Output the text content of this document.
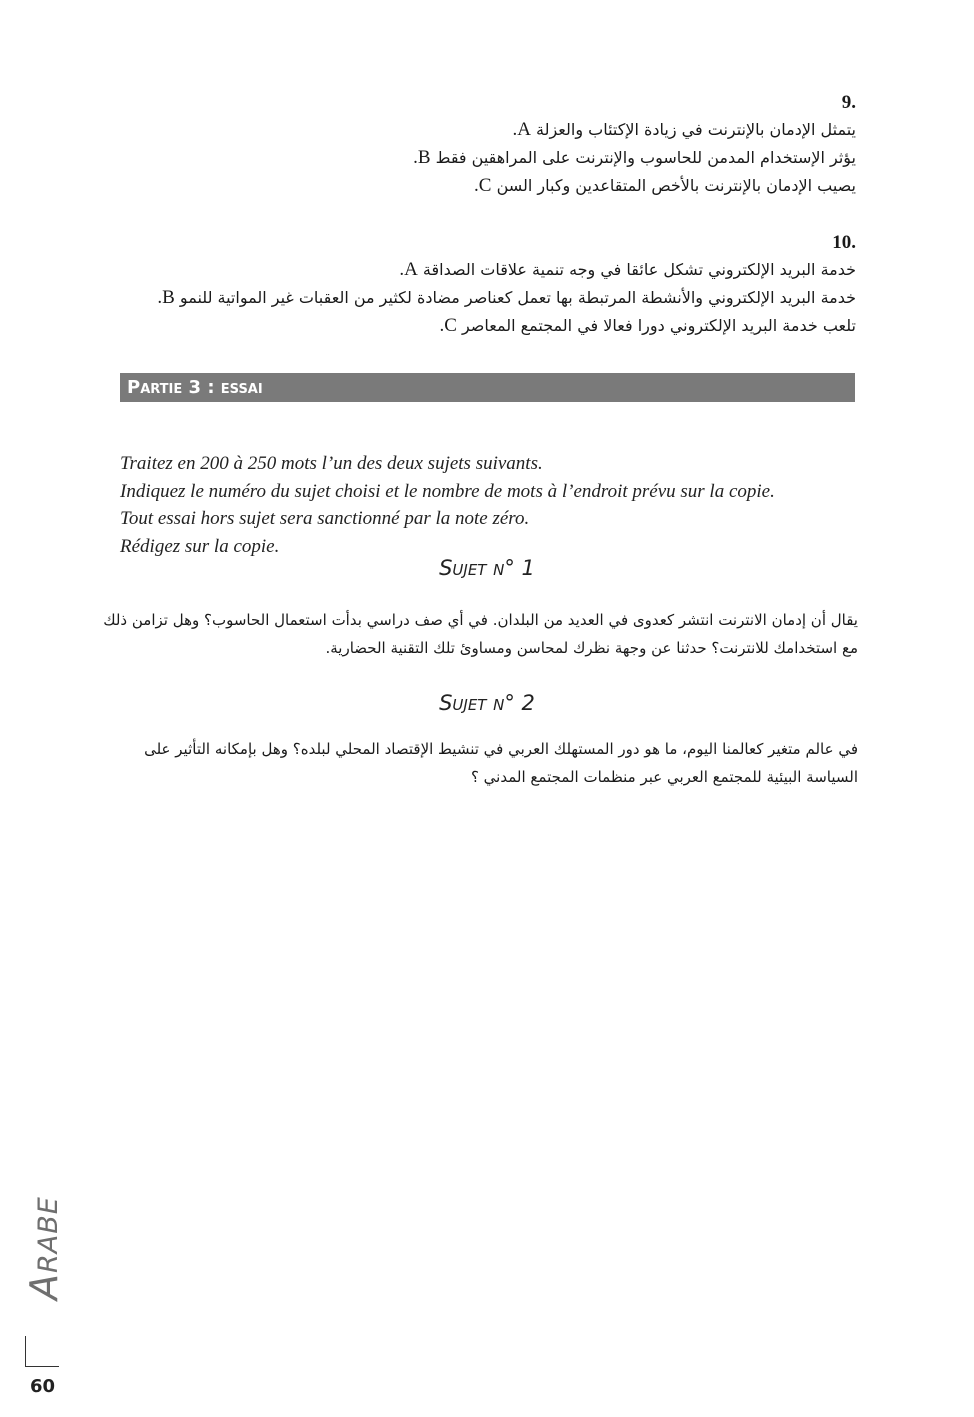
9.
يتمثل الإدمان بالإنترنت في زيادة الإكتئاب والعزلة A.
يؤثر الإستخدام المدمن للحاسوب والإنترنت على المراهقين فقط B.
يصيب الإدمان بالإنترنت بالأخص المتقاعدين وكبار السن C.
10.
خدمة البريد الإلكتروني تشكل عائقا في وجه تنمية علاقات الصداقة A.
خدمة البريد الإلكتروني والأنشطة المرتبطة بها تعمل كعناصر مضادة لكثير من العقبات غير المواتية للنمو B.
تلعب خدمة البريد الإلكتروني دورا فعالا في المجتمع المعاصر C.
Partie 3 : essai
Traitez en 200 à 250 mots l’un des deux sujets suivants.
Indiquez le numéro du sujet choisi et le nombre de mots à l’endroit prévu sur la copie.
Tout essai hors sujet sera sanctionné par la note zéro.
Rédigez sur la copie.
Sujet n° 1
يقال أن إدمان الانترنت انتشر كعدوى في العديد من البلدان. في أي صف دراسي بدأت استعمال الحاسوب؟ وهل تزامن ذلك مع استخدامك للانترنت؟ حدثنا عن وجهة نظرك لمحاسن ومساوئ تلك التقنية الحضارية.
Sujet n° 2
في عالم متغير كعالمنا اليوم، ما هو دور المستهلك العربي في تنشيط الإقتصاد المحلي لبلده؟ وهل بإمكانه التأثير على السياسة البيئية للمجتمع العربي عبر منظمات المجتمع المدني ؟
Arabe
60
